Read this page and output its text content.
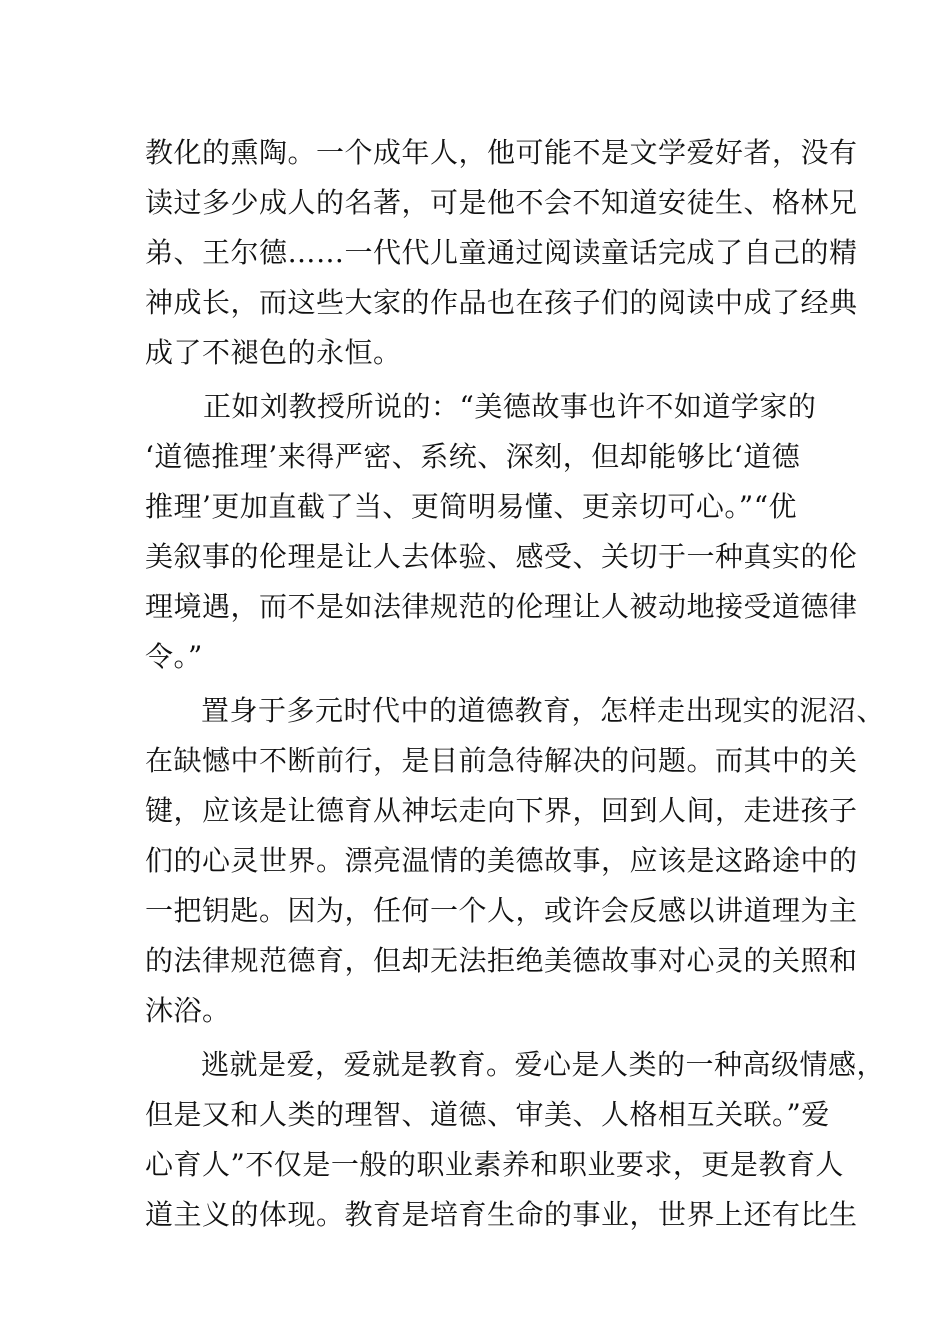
教化的熏陶。一个成年人，他可能不是文学爱好者，没有
读过多少成人的名著，可是他不会不知道安徒生、格林兄
弟、王尔德……一代代儿童通过阅读童话完成了自己的精
神成长，而这些大家的作品也在孩子们的阅读中成了经典
成了不褪色的永恒。
正如刘教授所说的：“美德故事也许不如道学家的
‘道德推理’来得严密、系统、深刻，但却能够比‘道德
推理’更加直截了当、更简明易懂、更亲切可心。”“优
美叙事的伦理是让人去体验、感受、关切于一种真实的伦
理境遇，而不是如法律规范的伦理让人被动地接受道德律
令。”
置身于多元时代中的道德教育，怎样走出现实的泥沼、
在缺憾中不断前行，是目前急待解决的问题。而其中的关
键，应该是让德育从神坛走向下界，回到人间，走进孩子
们的心灵世界。漂亮温情的美德故事，应该是这路途中的
一把钥匙。因为，任何一个人，或许会反感以讲道理为主
的法律规范德育，但却无法拒绝美德故事对心灵的关照和
沐浴。
逃就是爱，爱就是教育。爱心是人类的一种高级情感，
但是又和人类的理智、道德、审美、人格相互关联。”爱
心育人”不仅是一般的职业素养和职业要求，更是教育人
道主义的体现。教育是培育生命的事业，世界上还有比生
